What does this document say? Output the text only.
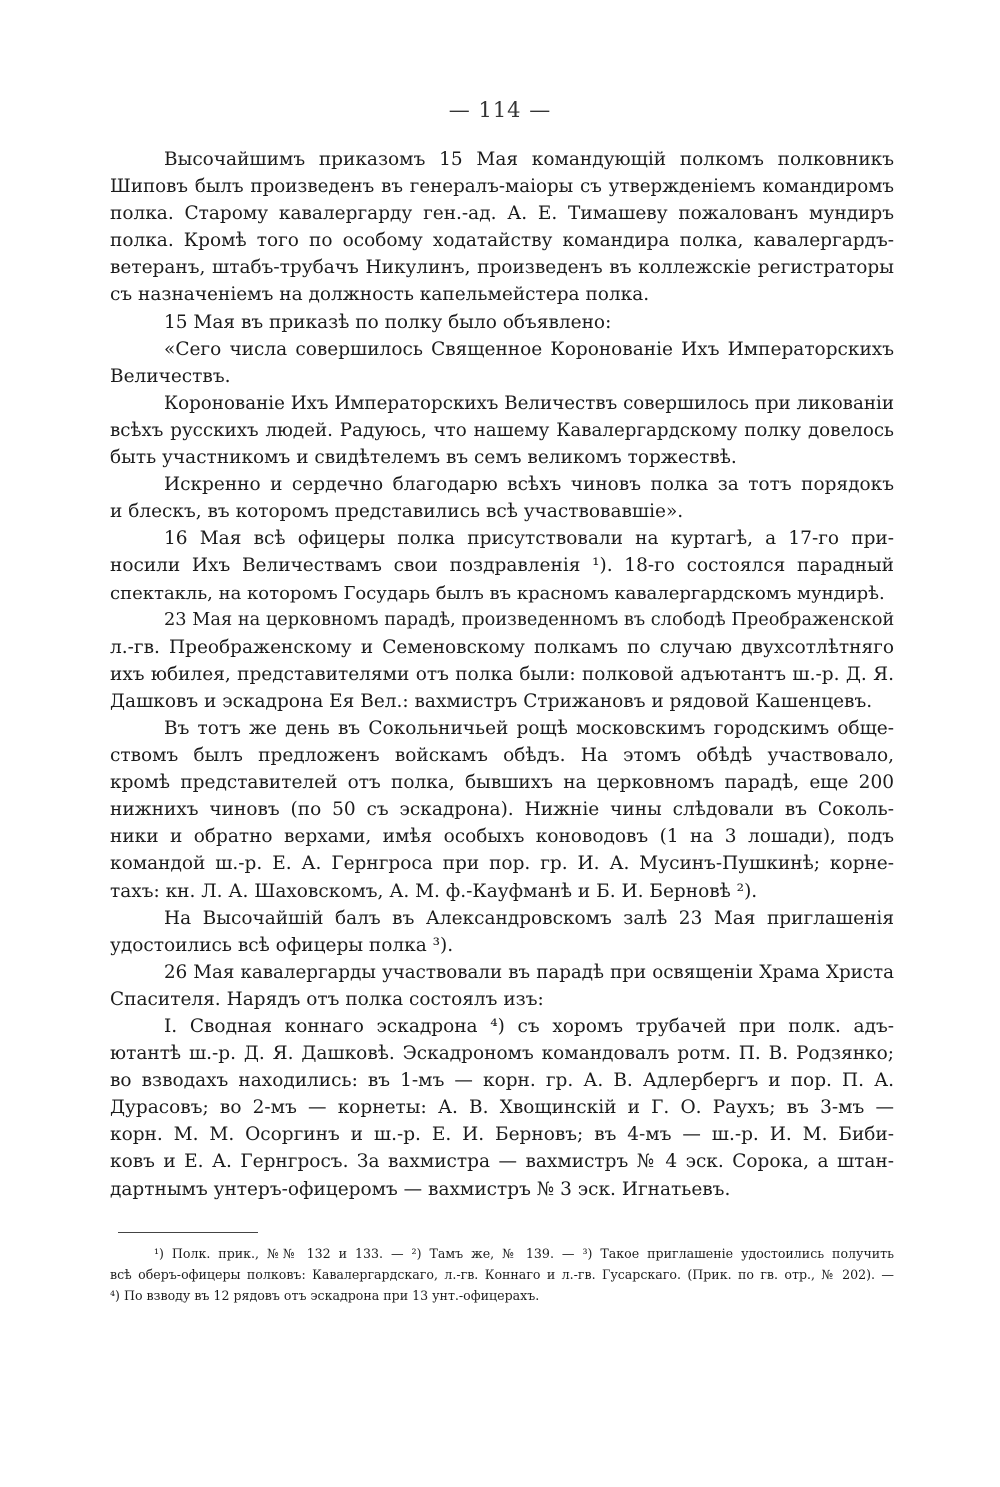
— 114 —
Высочайшимъ приказомъ 15 Мая командующій полкомъ полковникъ
Шиповъ былъ произведенъ въ генералъ-маіоры съ утвержденіемъ командиромъ
полка. Старому кавалергарду ген.-ад. А. Е. Тимашеву пожалованъ мундиръ
полка. Кромѣ того по особому ходатайству командира полка, кавалергардъ-
ветеранъ, штабъ-трубачъ Никулинъ, произведенъ въ коллежскіе регистраторы
съ назначеніемъ на должность капельмейстера полка.
15 Мая въ приказѣ по полку было объявлено:
«Сего числа совершилось Священное Коронованіе Ихъ Императорскихъ
Величествъ.
Коронованіе Ихъ Императорскихъ Величествъ совершилось при ликованіи
всѣхъ русскихъ людей. Радуюсь, что нашему Кавалергардскому полку довелось
быть участникомъ и свидѣтелемъ въ семъ великомъ торжествѣ.
Искренно и сердечно благодарю всѣхъ чиновъ полка за тотъ порядокъ
и блескъ, въ которомъ представились всѣ участвовавшіе».
16 Мая всѣ офицеры полка присутствовали на куртагѣ, а 17-го при-
носили Ихъ Величествамъ свои поздравленія ¹). 18-го состоялся парадный
спектакль, на которомъ Государь былъ въ красномъ кавалергардскомъ мундирѣ.
23 Мая на церковномъ парадѣ, произведенномъ въ слободѣ Преображенской
л.-гв. Преображенскому и Семеновскому полкамъ по случаю двухсотлѣтняго
ихъ юбилея, представителями отъ полка были: полковой адъютантъ ш.-р. Д. Я.
Дашковъ и эскадрона Ея Вел.: вахмистръ Стрижановъ и рядовой Кашенцевъ.
Въ тотъ же день въ Сокольничьей рощѣ московскимъ городскимъ обще-
ствомъ былъ предложенъ войскамъ обѣдъ. На этомъ обѣдѣ участвовало,
кромѣ представителей отъ полка, бывшихъ на церковномъ парадѣ, еще 200
нижнихъ чиновъ (по 50 съ эскадрона). Нижніе чины слѣдовали въ Соколь-
ники и обратно верхами, имѣя особыхъ коноводовъ (1 на 3 лошади), подъ
командой ш.-р. Е. А. Гернгроса при пор. гр. И. А. Мусинъ-Пушкинѣ; корне-
тахъ: кн. Л. А. Шаховскомъ, А. М. ф.-Кауфманѣ и Б. И. Берновѣ ²).
На Высочайшій балъ въ Александровскомъ залѣ 23 Мая приглашенія
удостоились всѣ офицеры полка ³).
26 Мая кавалергарды участвовали въ парадѣ при освященіи Храма Христа
Спасителя. Нарядъ отъ полка состоялъ изъ:
I. Сводная коннаго эскадрона ⁴) съ хоромъ трубачей при полк. адъ-
ютантѣ ш.-р. Д. Я. Дашковѣ. Эскадрономъ командовалъ ротм. П. В. Родзянко;
во взводахъ находились: въ 1-мъ — корн. гр. А. В. Адлербергъ и пор. П. А.
Дурасовъ; во 2-мъ — корнеты: А. В. Хвощинскій и Г. О. Раухъ; въ 3-мъ —
корн. М. М. Осоргинъ и ш.-р. Е. И. Берновъ; въ 4-мъ — ш.-р. И. М. Биби-
ковъ и Е. А. Гернгросъ. За вахмистра — вахмистръ № 4 эск. Сорока, а штан-
дартнымъ унтеръ-офицеромъ — вахмистръ № 3 эск. Игнатьевъ.
¹) Полк. прик., №№ 132 и 133. — ²) Тамъ же, № 139. — ³) Такое приглашеніе удостоились получить
всѣ оберъ-офицеры полковъ: Кавалергардскаго, л.-гв. Коннаго и л.-гв. Гусарскаго. (Прик. по гв. отр., № 202). —
⁴) По взводу въ 12 рядовъ отъ эскадрона при 13 унт.-офицерахъ.
